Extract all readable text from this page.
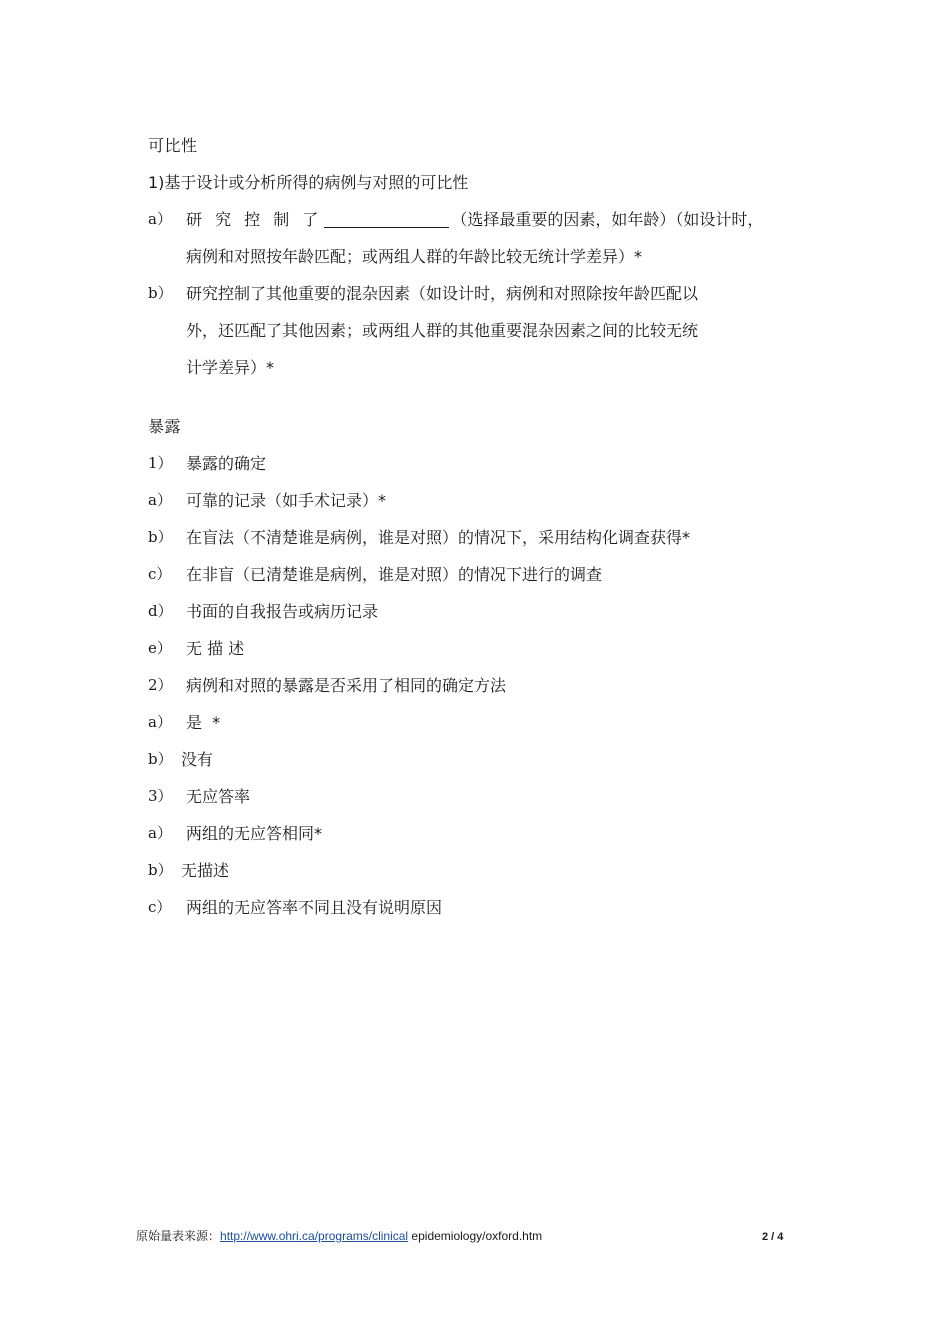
可比性
1)基于设计或分析所得的病例与对照的可比性
a） 研 究 控 制 了	（选择最重要的因素，如年龄）（如设计时，
病例和对照按年龄匹配；或两组人群的年龄比较无统计学差异）*
b） 研究控制了其他重要的混杂因素（如设计时，病例和对照除按年龄匹配以
外，还匹配了其他因素；或两组人群的其他重要混杂因素之间的比较无统
计学差异）*
暴露
1） 暴露的确定
a） 可靠的记录（如手术记录）*
b） 在盲法（不清楚谁是病例，谁是对照）的情况下，采用结构化调查获得*
c） 在非盲（已清楚谁是病例，谁是对照）的情况下进行的调查
d） 书面的自我报告或病历记录
e） 无 描 述
2） 病例和对照的暴露是否采用了相同的确定方法
a） 是  *
b） 没有
3） 无应答率
a） 两组的无应答相同*
b） 无描述
c） 两组的无应答率不同且没有说明原因
原始量表来源：http://www.ohri.ca/programs/clinical epidemiology/oxford.htm	2 / 4
